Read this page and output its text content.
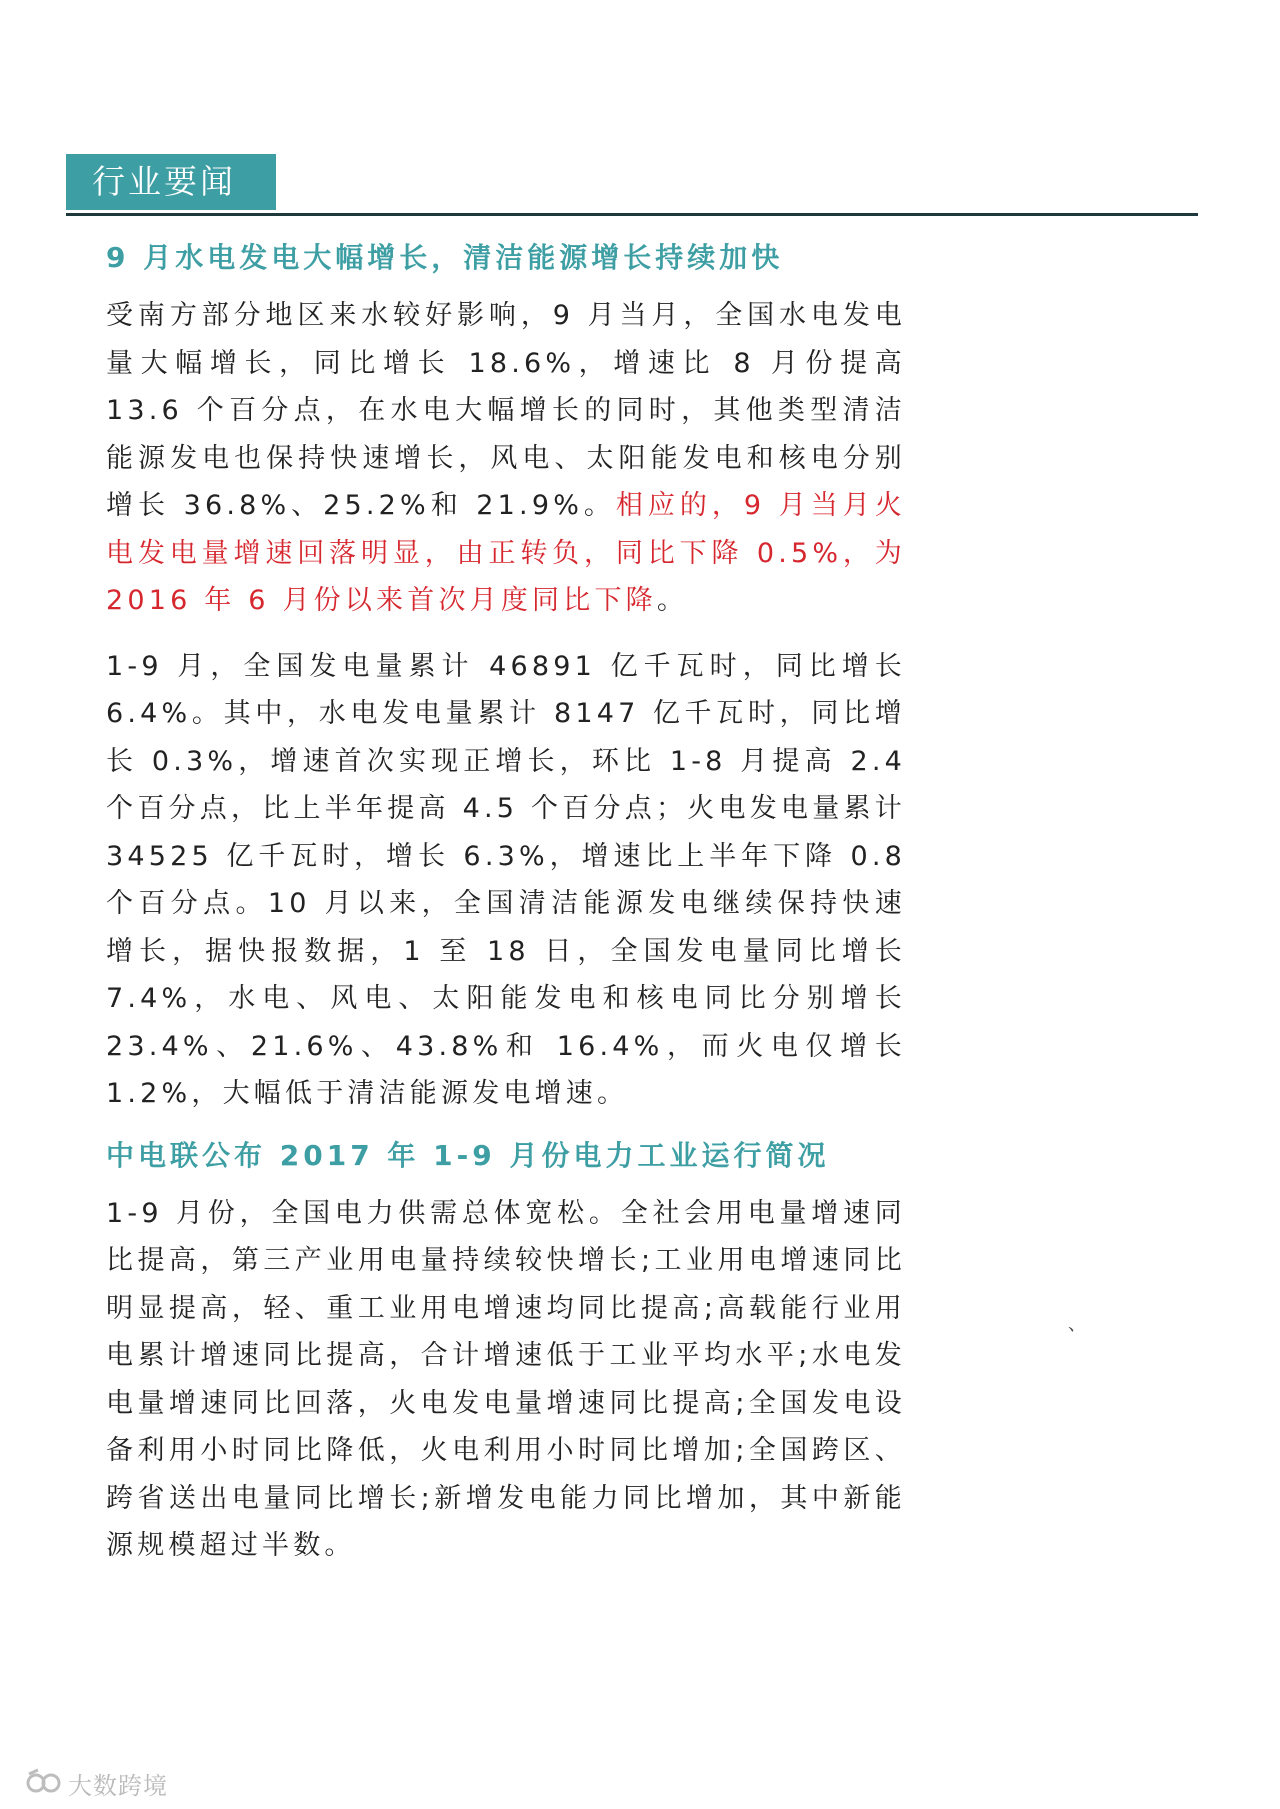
行业要闻
9 月水电发电大幅增长，清洁能源增长持续加快

受南方部分地区来水较好影响，9 月当月，全国水电发电量大幅增长，同比增长 18.6%，增速比 8 月份提高 13.6 个百分点，在水电大幅增长的同时，其他类型清洁能源发电也保持快速增长，风电、太阳能发电和核电分别增长 36.8%、25.2%和 21.9%。相应的，9 月当月火电发电量增速回落明显，由正转负，同比下降 0.5%，为 2016 年 6 月份以来首次月度同比下降。

1-9 月，全国发电量累计 46891 亿千瓦时，同比增长 6.4%。其中，水电发电量累计 8147 亿千瓦时，同比增长 0.3%，增速首次实现正增长，环比 1-8 月提高 2.4 个百分点，比上半年提高 4.5 个百分点；火电发电量累计 34525 亿千瓦时，增长 6.3%，增速比上半年下降 0.8 个百分点。10 月以来，全国清洁能源发电继续保持快速增长，据快报数据，1 至 18 日，全国发电量同比增长 7.4%，水电、风电、太阳能发电和核电同比分别增长 23.4%、21.6%、43.8%和 16.4%，而火电仅增长 1.2%，大幅低于清洁能源发电增速。

中电联公布 2017 年 1-9 月份电力工业运行简况

1-9 月份，全国电力供需总体宽松。全社会用电量增速同比提高，第三产业用电量持续较快增长;工业用电增速同比明显提高，轻、重工业用电增速均同比提高;高载能行业用电累计增速同比提高，合计增速低于工业平均水平;水电发电量增速同比回落，火电发电量增速同比提高;全国发电设备利用小时同比降低，火电利用小时同比增加;全国跨区、跨省送出电量同比增长;新增发电能力同比增加，其中新能源规模超过半数。

、
大数跨境
